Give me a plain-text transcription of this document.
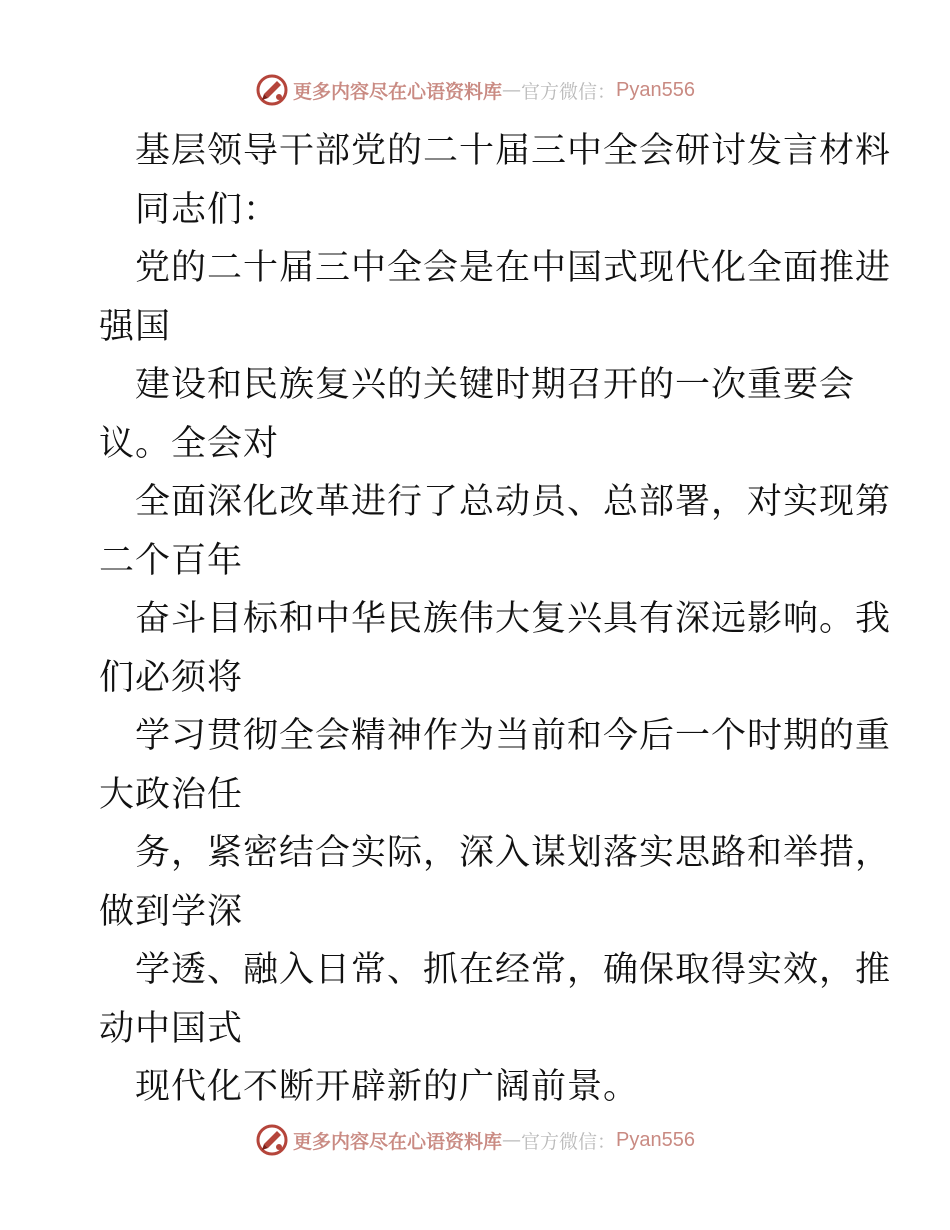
更多内容尽在心语资料库 — 官方微信： Pyan556
基层领导干部党的二十届三中全会研讨发言材料
同志们：
党的二十届三中全会是在中国式现代化全面推进
强国
建设和民族复兴的关键时期召开的一次重要会
议。全会对
全面深化改革进行了总动员、总部署，对实现第
二个百年
奋斗目标和中华民族伟大复兴具有深远影响。我
们必须将
学习贯彻全会精神作为当前和今后一个时期的重
大政治任
务，紧密结合实际，深入谋划落实思路和举措，
做到学深
学透、融入日常、抓在经常，确保取得实效，推
动中国式
现代化不断开辟新的广阔前景。
更多内容尽在心语资料库 — 官方微信： Pyan556
